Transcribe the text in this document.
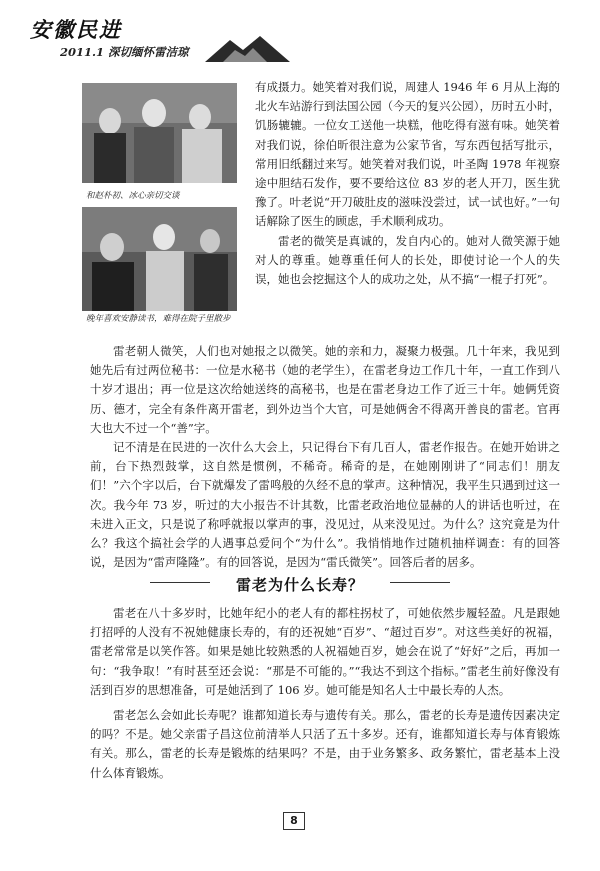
安徽民进
2011.1 深切缅怀雷洁琼
和赵朴初、冰心亲切交谈
晚年喜欢安静读书，难得在院子里散步

有成摄力。她笑着对我们说，周建人 1946 年 6 月从上海的北火车站游行到法国公园（今天的复兴公园），历时五小时，饥肠辘辘。一位女工送他一块糕，他吃得有滋有味。她笑着对我们说，徐伯昕很注意为公家节省，写东西包括写批示，常用旧纸翻过来写。她笑着对我们说，叶圣陶 1978 年视察途中胆结石发作，要不要给这位 83 岁的老人开刀，医生犹豫了。叶老说“开刀破肚皮的滋味没尝过，试一试也好。”一句话解除了医生的顾虑，手术顺利成功。

雷老的微笑是真诚的，发自内心的。她对人微笑源于她对人的尊重。她尊重任何人的长处，即使讨论一个人的失误，她也会挖掘这个人的成功之处，从不搞“一棍子打死”。

雷老朝人微笑，人们也对她报之以微笑。她的亲和力，凝聚力极强。几十年来，我见到她先后有过两位秘书：一位是水秘书（她的老学生），在雷老身边工作几十年，一直工作到八十岁才退出；再一位是这次给她送终的高秘书，也是在雷老身边工作了近三十年。她俩凭资历、德才，完全有条件离开雷老，到外边当个大官，可是她俩舍不得离开善良的雷老。官再大也大不过一个“善”字。

记不清是在民进的一次什么大会上，只记得台下有几百人，雷老作报告。在她开始讲之前，台下热烈鼓掌，这自然是惯例，不稀奇。稀奇的是，在她刚刚讲了“同志们！朋友们！”六个字以后，台下就爆发了雷鸣般的久经不息的掌声。这种情况，我平生只遇到过这一次。我今年 73 岁，听过的大小报告不计其数，比雷老政治地位显赫的人的讲话也听过，在未进入正文，只是说了称呼就报以掌声的事，没见过，从来没见过。为什么？这究竟是为什么？我这个搞社会学的人遇事总爱问个“为什么”。我悄悄地作过随机抽样调查：有的回答说，是因为“雷声隆隆”。有的回答说，是因为“雷氏微笑”。回答后者的居多。

雷老为什么长寿？

雷老在八十多岁时，比她年纪小的老人有的都柱拐杖了，可她依然步履轻盈。凡是跟她打招呼的人没有不祝她健康长寿的，有的还祝她“百岁”、“超过百岁”。对这些美好的祝福，雷老常常是以笑作答。如果是她比较熟悉的人祝福她百岁，她会在说了“好好”之后，再加一句：“我争取！”有时甚至还会说：“那是不可能的。”“我达不到这个指标。”雷老生前好像没有活到百岁的思想准备，可是她活到了 106 岁。她可能是知名人士中最长寿的人杰。

雷老怎么会如此长寿呢？谁都知道长寿与遗传有关。那么，雷老的长寿是遗传因素决定的吗？不是。她父亲雷子昌这位前清举人只活了五十多岁。还有，谁都知道长寿与体育锻炼有关。那么，雷老的长寿是锻炼的结果吗？不是，由于业务繁多、政务繁忙，雷老基本上没什么体育锻炼。

8
